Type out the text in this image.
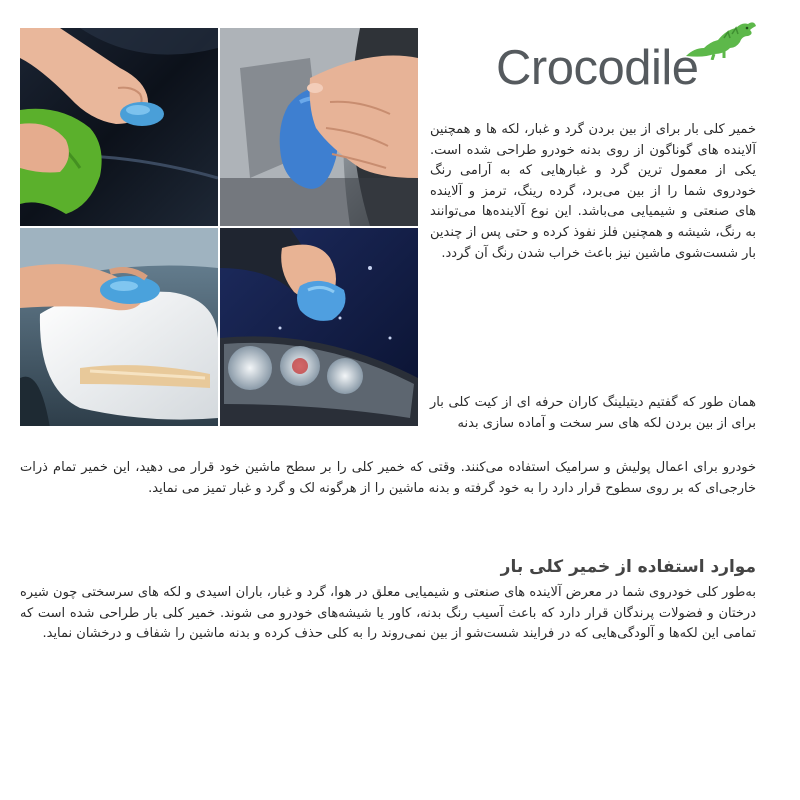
Crocodile

خمیر کلی بار برای از بین بردن گرد و غبار، لکه ها و همچنین آلاینده های گوناگون از روی بدنه خودرو طراحی شده است. یکی از معمول ترین گرد و غبارهایی که به آرامی رنگ خودروی شما را از بین می‌برد، گرده رینگ، ترمز و آلاینده های صنعتی و شیمیایی می‌باشد. این نوع آلاینده‌ها می‌توانند به رنگ، شیشه و همچنین فلز نفوذ کرده و حتی پس از چندین بار شست‌شوی ماشین نیز باعث خراب شدن رنگ آن گردد.

همان طور که گفتیم دیتیلینگ کاران حرفه ای از کیت کلی بار برای از بین بردن لکه های سر سخت و آماده سازی بدنه

خودرو برای اعمال پولیش و سرامیک استفاده می‌کنند. وقتی که خمیر کلی را بر سطح ماشین خود قرار می دهید، این خمیر تمام ذرات خارجی‌ای که بر روی سطوح قرار دارد را به خود گرفته و بدنه ماشین را از هرگونه لک و گرد و غبار تمیز می نماید.

موارد استفاده از خمیر کلی بار

به‌طور کلی خودروی شما در معرض آلاینده های صنعتی و شیمیایی معلق در هوا، گرد و غبار، باران اسیدی و لکه های سرسختی چون شیره درختان و فضولات پرندگان قرار دارد که باعث آسیب رنگ بدنه، کاور یا شیشه‌های خودرو می شوند. خمیر کلی بار طراحی شده است که تمامی این لکه‌ها و آلودگی‌هایی که در فرایند شست‌شو از بین نمی‌روند را به کلی حذف کرده و بدنه ماشین را شفاف و درخشان نماید.
